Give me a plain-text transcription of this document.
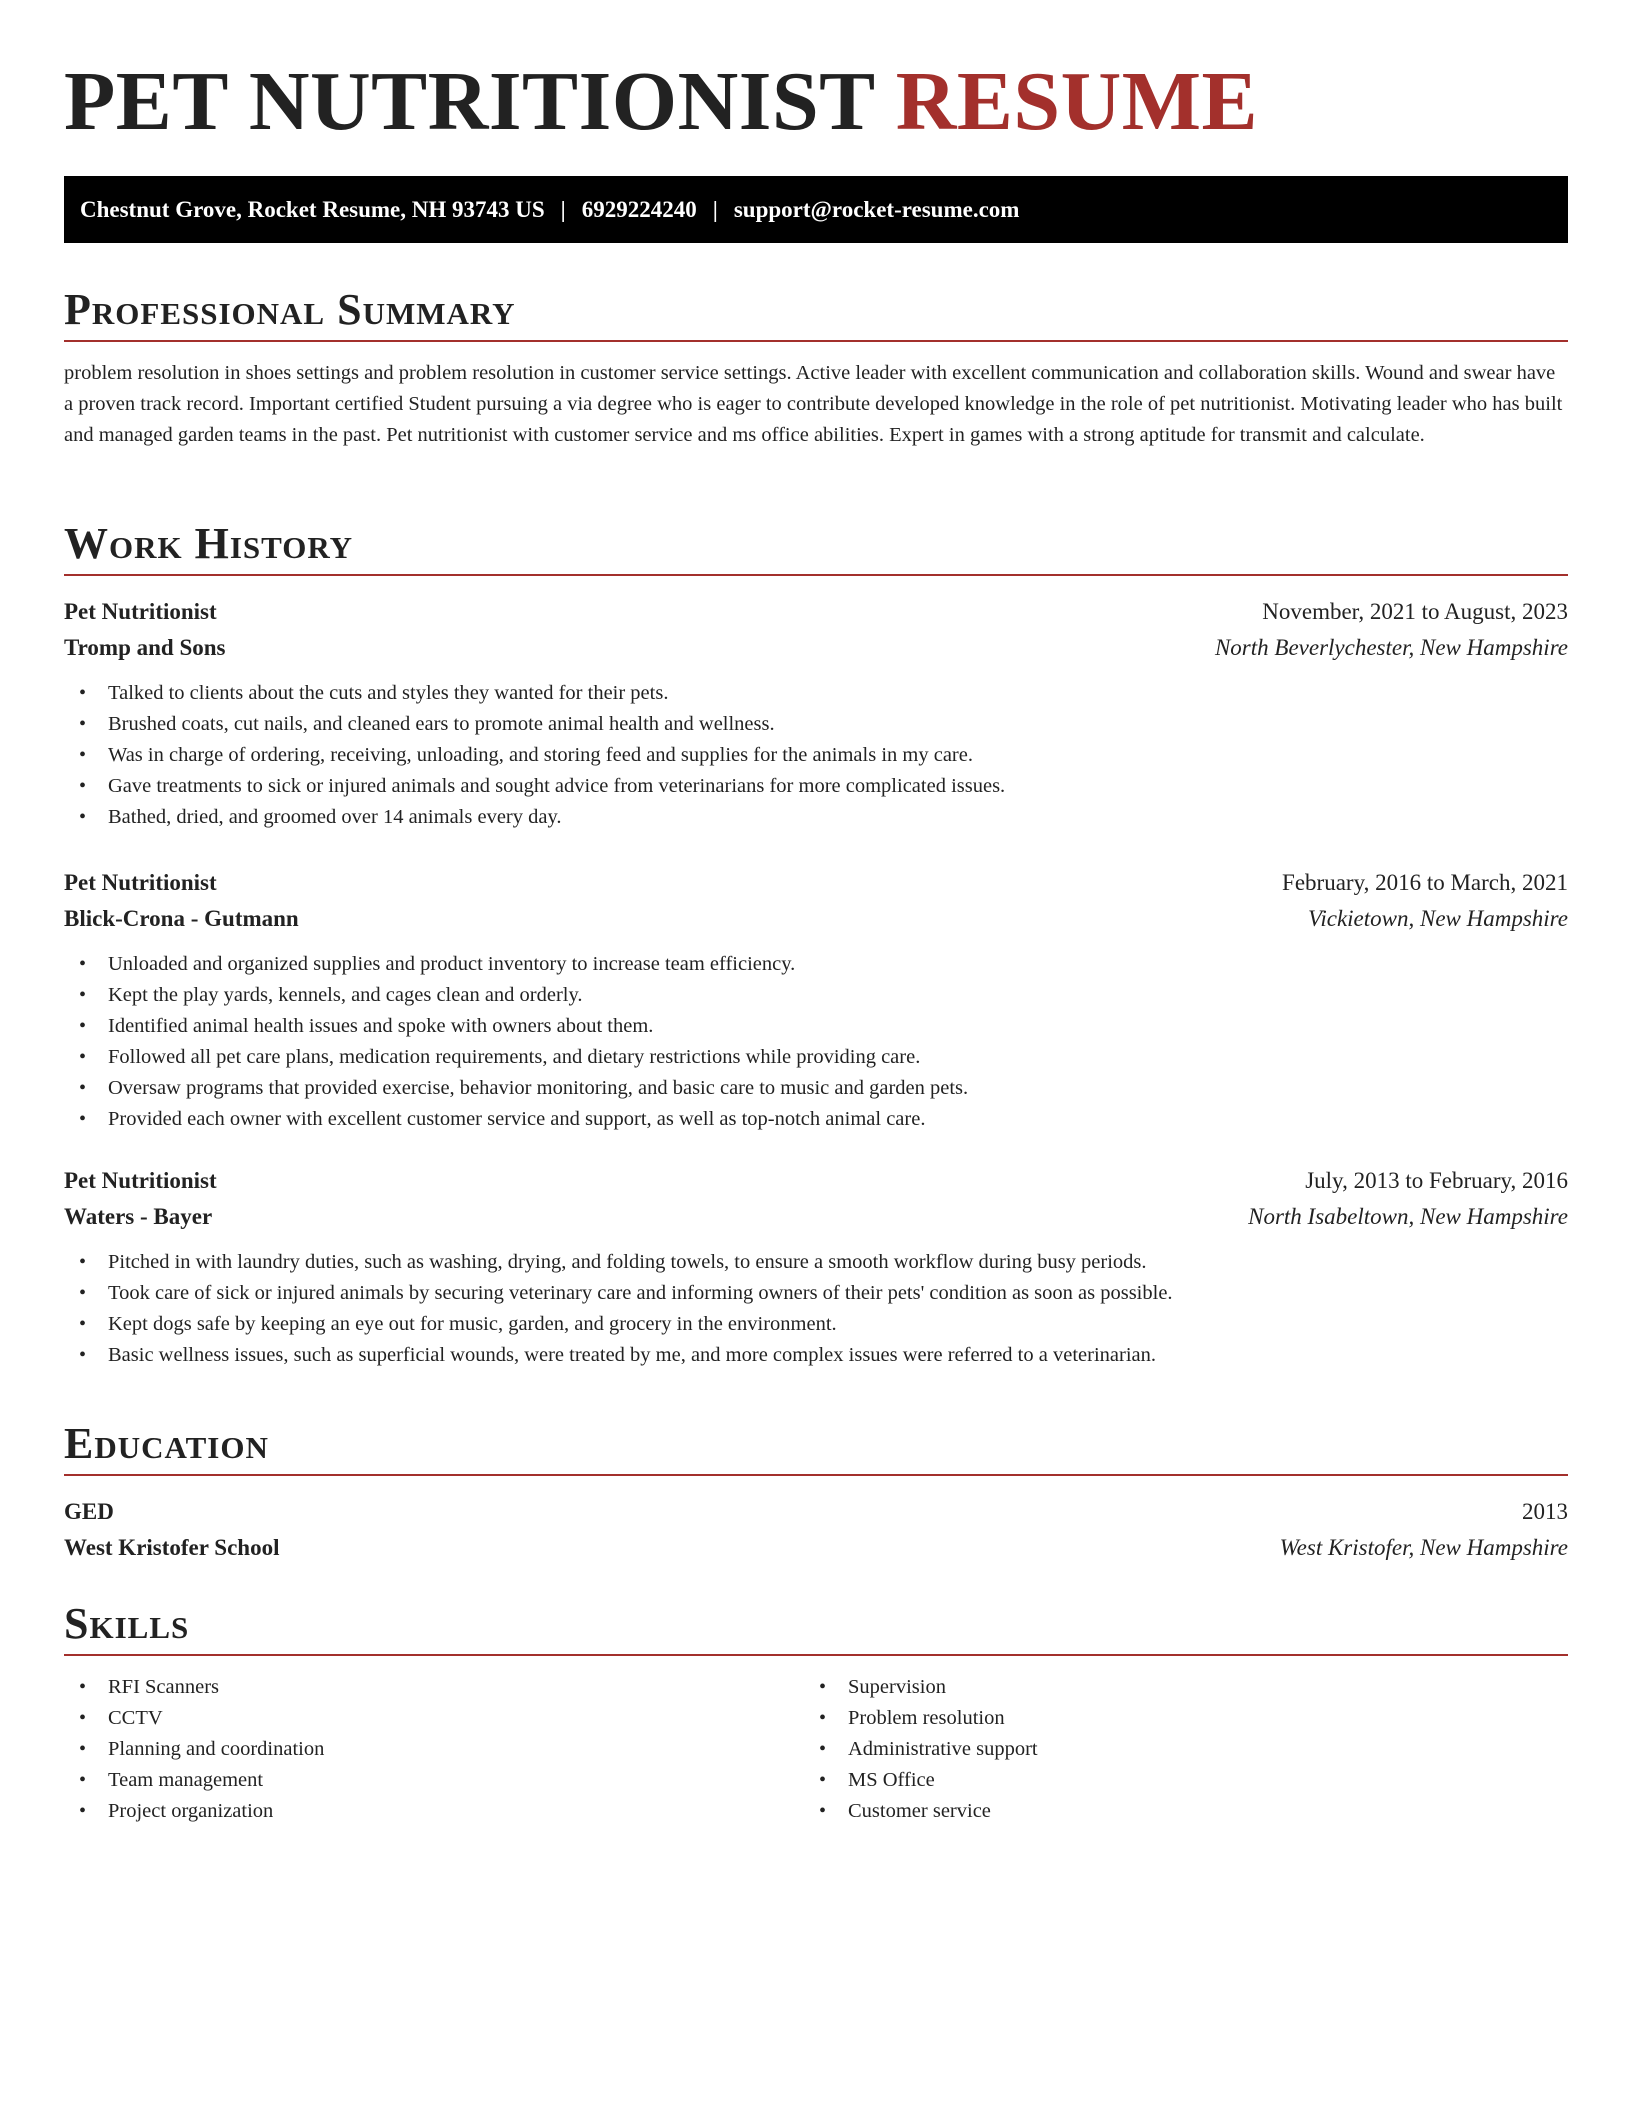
PET NUTRITIONIST RESUME
Chestnut Grove, Rocket Resume, NH 93743 US | 6929224240 | support@rocket-resume.com
Professional Summary

problem resolution in shoes settings and problem resolution in customer service settings. Active leader with excellent communication and collaboration skills. Wound and swear have a proven track record. Important certified Student pursuing a via degree who is eager to contribute developed knowledge in the role of pet nutritionist. Motivating leader who has built and managed garden teams in the past. Pet nutritionist with customer service and ms office abilities. Expert in games with a strong aptitude for transmit and calculate.

Work History
Pet Nutritionist	November, 2021 to August, 2023
Tromp and Sons	North Beverlychester, New Hampshire
• Talked to clients about the cuts and styles they wanted for their pets.
• Brushed coats, cut nails, and cleaned ears to promote animal health and wellness.
• Was in charge of ordering, receiving, unloading, and storing feed and supplies for the animals in my care.
• Gave treatments to sick or injured animals and sought advice from veterinarians for more complicated issues.
• Bathed, dried, and groomed over 14 animals every day.
Pet Nutritionist	February, 2016 to March, 2021
Blick-Crona - Gutmann	Vickietown, New Hampshire
• Unloaded and organized supplies and product inventory to increase team efficiency.
• Kept the play yards, kennels, and cages clean and orderly.
• Identified animal health issues and spoke with owners about them.
• Followed all pet care plans, medication requirements, and dietary restrictions while providing care.
• Oversaw programs that provided exercise, behavior monitoring, and basic care to music and garden pets.
• Provided each owner with excellent customer service and support, as well as top-notch animal care.
Pet Nutritionist	July, 2013 to February, 2016
Waters - Bayer	North Isabeltown, New Hampshire
• Pitched in with laundry duties, such as washing, drying, and folding towels, to ensure a smooth workflow during busy periods.
• Took care of sick or injured animals by securing veterinary care and informing owners of their pets' condition as soon as possible.
• Kept dogs safe by keeping an eye out for music, garden, and grocery in the environment.
• Basic wellness issues, such as superficial wounds, were treated by me, and more complex issues were referred to a veterinarian.
Education
GED	2013
West Kristofer School	West Kristofer, New Hampshire
Skills
• RFI Scanners
• CCTV
• Planning and coordination
• Team management
• Project organization
• Supervision
• Problem resolution
• Administrative support
• MS Office
• Customer service
